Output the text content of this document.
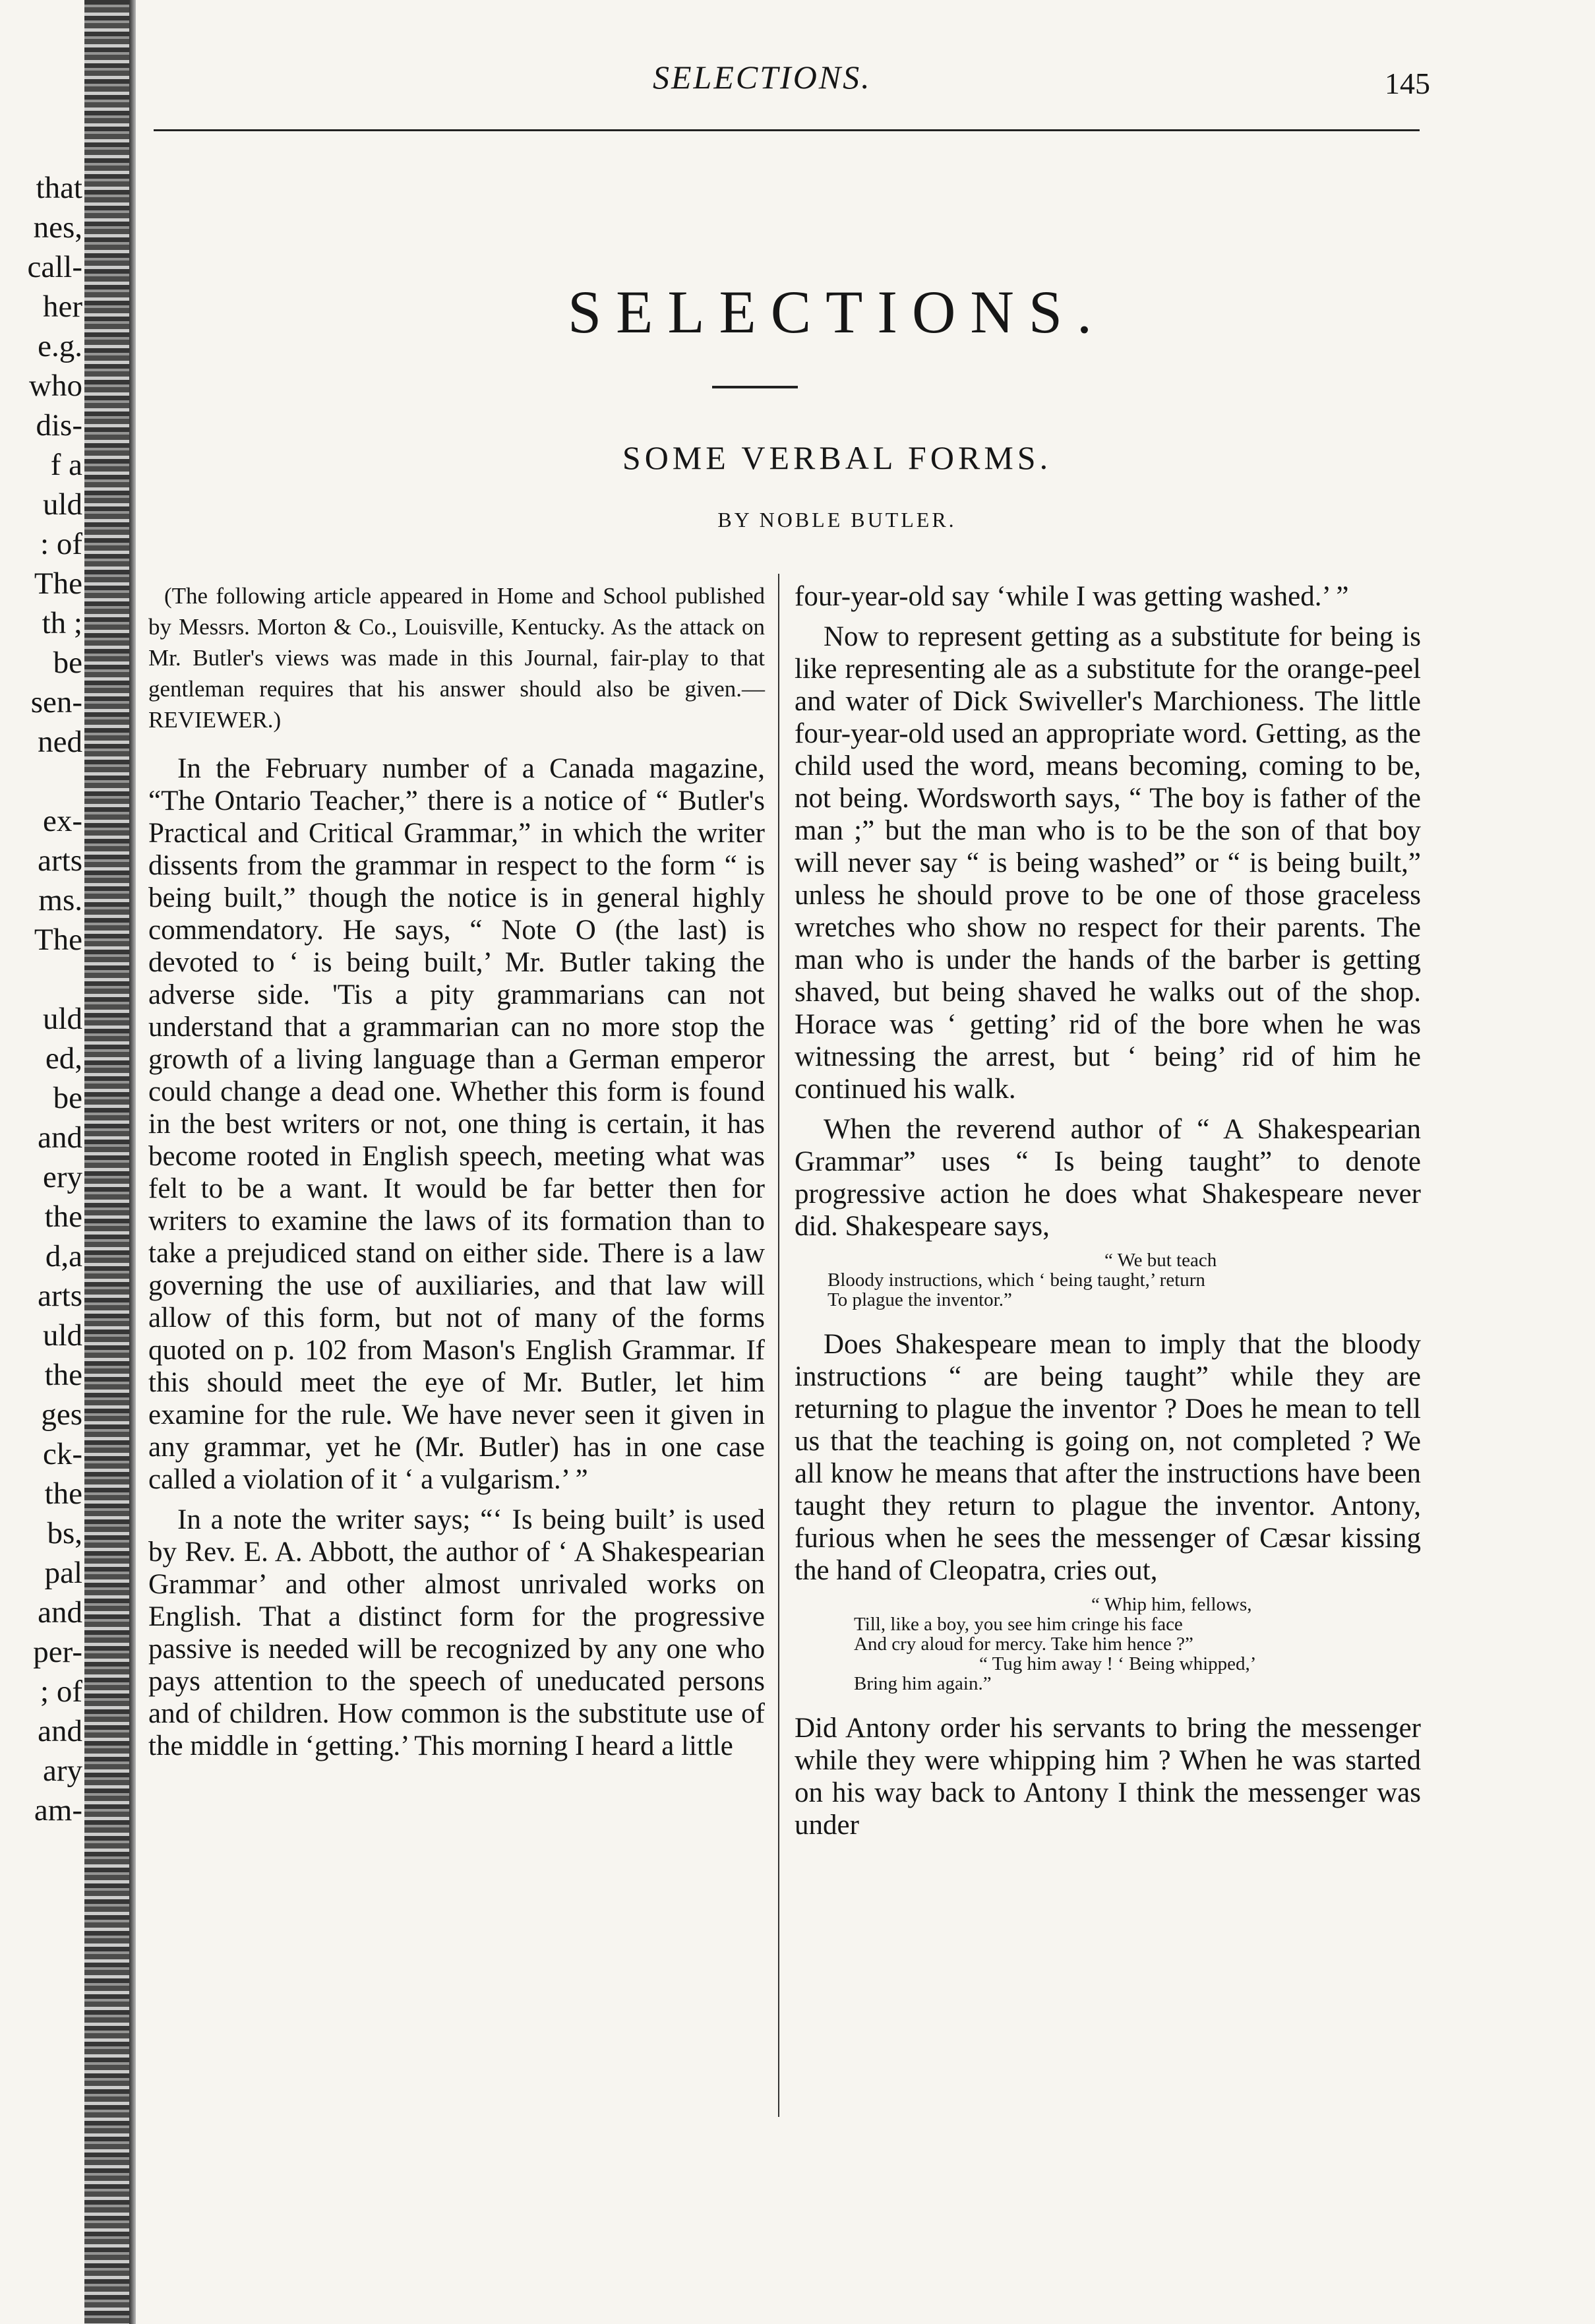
that
nes,
call-
her
e.g.
who
dis-
f a
uld
: of
The
th ;
be
sen-
ned
ex-
arts
ms.
The
uld
ed,
be
and
ery
the
d,a
arts
uld
the
ges
ck-
the
bs,
pal
and
per-
; of
and
ary
am-
SELECTIONS.	145
SELECTIONS.
SOME VERBAL FORMS.
BY NOBLE BUTLER.

(The following article appeared in Home and School published by Messrs. Morton & Co., Louisville, Kentucky. As the attack on Mr. Butler's views was made in this Journal, fair-play to that gentleman requires that his answer should also be given.—REVIEWER.)

In the February number of a Canada magazine, “The Ontario Teacher,” there is a notice of “ Butler's Practical and Critical Grammar,” in which the writer dissents from the grammar in respect to the form “ is being built,” though the notice is in general highly commendatory. He says, “ Note O (the last) is devoted to ‘ is being built,’ Mr. Butler taking the adverse side. 'Tis a pity grammarians can not understand that a grammarian can no more stop the growth of a living language than a German emperor could change a dead one. Whether this form is found in the best writers or not, one thing is certain, it has become rooted in English speech, meeting what was felt to be a want. It would be far better then for writers to examine the laws of its formation than to take a prejudiced stand on either side. There is a law governing the use of auxiliaries, and that law will allow of this form, but not of many of the forms quoted on p. 102 from Mason's English Grammar. If this should meet the eye of Mr. Butler, let him examine for the rule. We have never seen it given in any grammar, yet he (Mr. Butler) has in one case called a violation of it ‘ a vulgarism.’ ”

In a note the writer says; “‘ Is being built’ is used by Rev. E. A. Abbott, the author of ‘ A Shakespearian Grammar’ and other almost unrivaled works on English. That a distinct form for the progressive passive is needed will be recognized by any one who pays attention to the speech of uneducated persons and of children. How common is the substitute use of the middle in ‘getting.’ This morning I heard a little

four-year-old say ‘while I was getting washed.’ ”

Now to represent getting as a substitute for being is like representing ale as a substitute for the orange-peel and water of Dick Swiveller's Marchioness. The little four-year-old used an appropriate word. Getting, as the child used the word, means becoming, coming to be, not being. Wordsworth says, “ The boy is father of the man ;” but the man who is to be the son of that boy will never say “ is being washed” or “ is being built,” unless he should prove to be one of those graceless wretches who show no respect for their parents. The man who is under the hands of the barber is getting shaved, but being shaved he walks out of the shop. Horace was ‘ getting’ rid of the bore when he was witnessing the arrest, but ‘ being’ rid of him he continued his walk.

When the reverend author of “ A Shakespearian Grammar” uses “ Is being taught” to denote progressive action he does what Shakespeare never did. Shakespeare says,

“ We but teach
Bloody instructions, which ‘ being taught,’ return
To plague the inventor.”

Does Shakespeare mean to imply that the bloody instructions “ are being taught” while they are returning to plague the inventor ? Does he mean to tell us that the teaching is going on, not completed ? We all know he means that after the instructions have been taught they return to plague the inventor. Antony, furious when he sees the messenger of Cæsar kissing the hand of Cleopatra, cries out,

“ Whip him, fellows,
Till, like a boy, you see him cringe his face
And cry aloud for mercy. Take him hence ?”
“ Tug him away ! ‘ Being whipped,’
Bring him again.”

Did Antony order his servants to bring the messenger while they were whipping him ? When he was started on his way back to Antony I think the messenger was under
